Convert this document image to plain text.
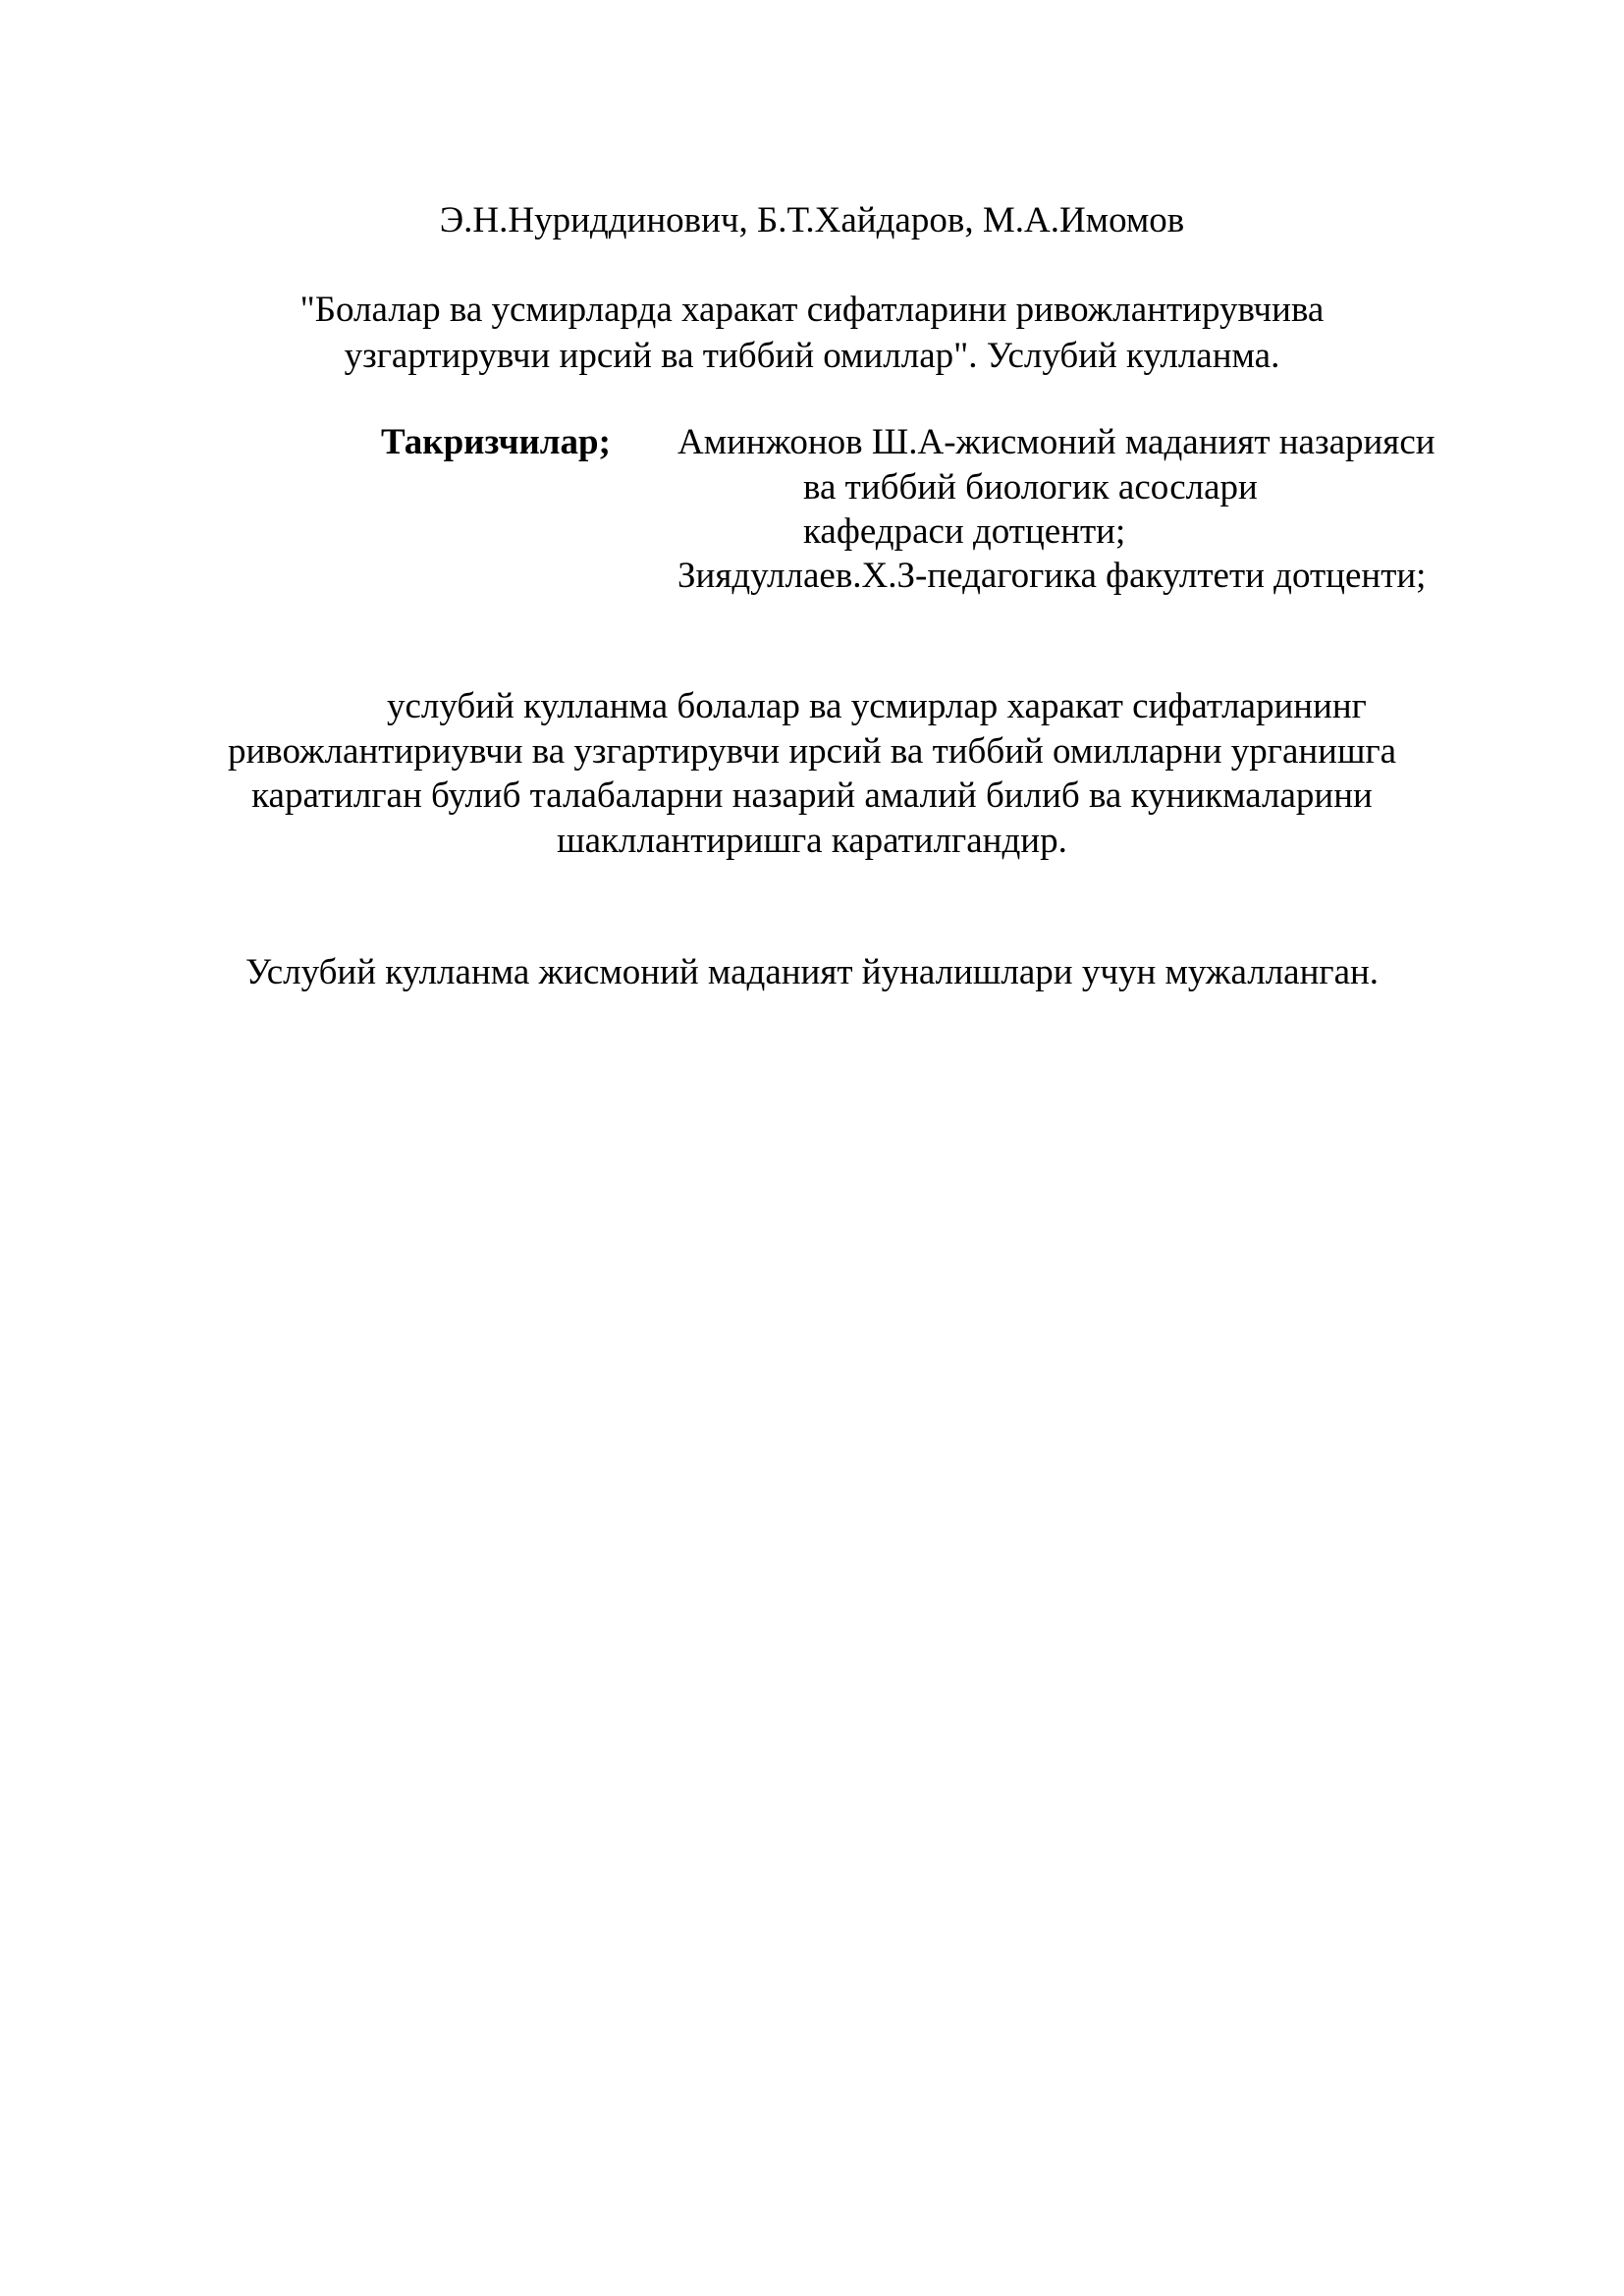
Э.Н.Нуриддинович, Б.Т.Хайдаров, М.А.Имомов
"Болалар ва усмирларда харакат сифатларини ривожлантирувчива
узгартирувчи ирсий ва тиббий омиллар". Услубий кулланма.
Такризчилар; Аминжонов Ш.А-жисмоний маданият назарияси
ва тиббий биологик асослари
кафедраси дотценти;
Зиядуллаев.Х.З-педагогика факултети дотценти;
услубий кулланма болалар ва усмирлар харакат сифатларининг
ривожлантириувчи ва узгартирувчи ирсий ва тиббий омилларни урганишга
каратилган булиб талабаларни назарий амалий билиб ва куникмаларини
шакллантиришга каратилгандир.
Услубий кулланма жисмоний маданият йуналишлари учун мужалланган.
